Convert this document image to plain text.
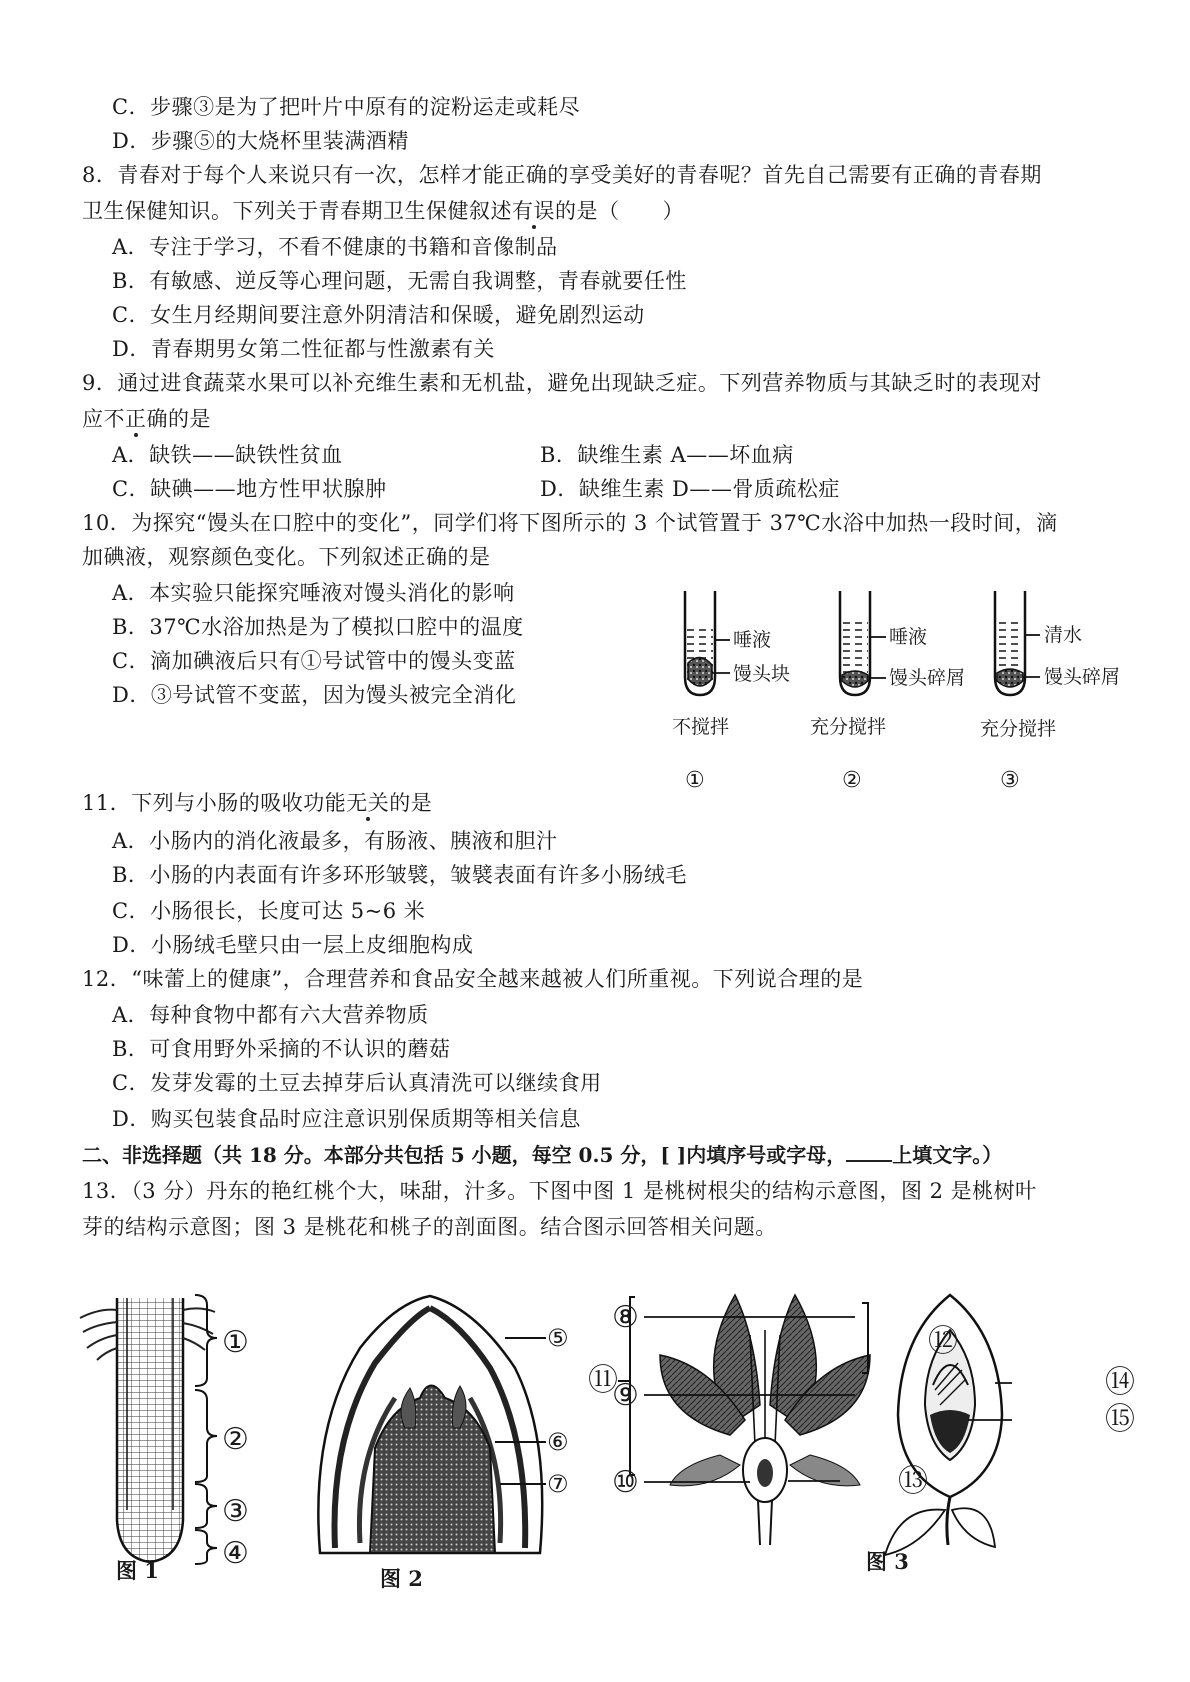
C．步骤③是为了把叶片中原有的淀粉运走或耗尽
D．步骤⑤的大烧杯里装满酒精
8．青春对于每个人来说只有一次，怎样才能正确的享受美好的青春呢？首先自己需要有正确的青春期
卫生保健知识。下列关于青春期卫生保健叙述有误的是（　　）
A．专注于学习，不看不健康的书籍和音像制品
B．有敏感、逆反等心理问题，无需自我调整，青春就要任性
C．女生月经期间要注意外阴清洁和保暖，避免剧烈运动
D．青春期男女第二性征都与性激素有关
9．通过进食蔬菜水果可以补充维生素和无机盐，避免出现缺乏症。下列营养物质与其缺乏时的表现对
应不正确的是
A．缺铁——缺铁性贫血	B．缺维生素 A——坏血病
C．缺碘——地方性甲状腺肿	D．缺维生素 D——骨质疏松症
10．为探究“馒头在口腔中的变化”，同学们将下图所示的 3 个试管置于 37℃水浴中加热一段时间，滴
加碘液，观察颜色变化。下列叙述正确的是
A．本实验只能探究唾液对馒头消化的影响
B．37℃水浴加热是为了模拟口腔中的温度
C．滴加碘液后只有①号试管中的馒头变蓝
D．③号试管不变蓝，因为馒头被完全消化
唾液
馒头块
不搅拌
①
唾液
馒头碎屑
充分搅拌
②
清水
馒头碎屑
充分搅拌
③
11．下列与小肠的吸收功能无关的是
A．小肠内的消化液最多，有肠液、胰液和胆汁
B．小肠的内表面有许多环形皱襞，皱襞表面有许多小肠绒毛
C．小肠很长，长度可达 5~6 米
D．小肠绒毛壁只由一层上皮细胞构成
12．“味蕾上的健康”，合理营养和食品安全越来越被人们所重视。下列说合理的是
A．每种食物中都有六大营养物质
B．可食用野外采摘的不认识的蘑菇
C．发芽发霉的土豆去掉芽后认真清洗可以继续食用
D．购买包装食品时应注意识别保质期等相关信息
二、非选择题（共 18 分。本部分共包括 5 小题，每空 0.5 分，[ ]内填序号或字母， 上填文字。）
13．（3 分）丹东的艳红桃个大，味甜，汁多。下图中图 1 是桃树根尖的结构示意图，图 2 是桃树叶
芽的结构示意图；图 3 是桃花和桃子的剖面图。结合图示回答相关问题。
①
②
③
④
图 1
⑤
⑥
⑦
图 2
⑧
⑨
⑩
⑪
⑫
⑬
⑭
⑮
图 3
